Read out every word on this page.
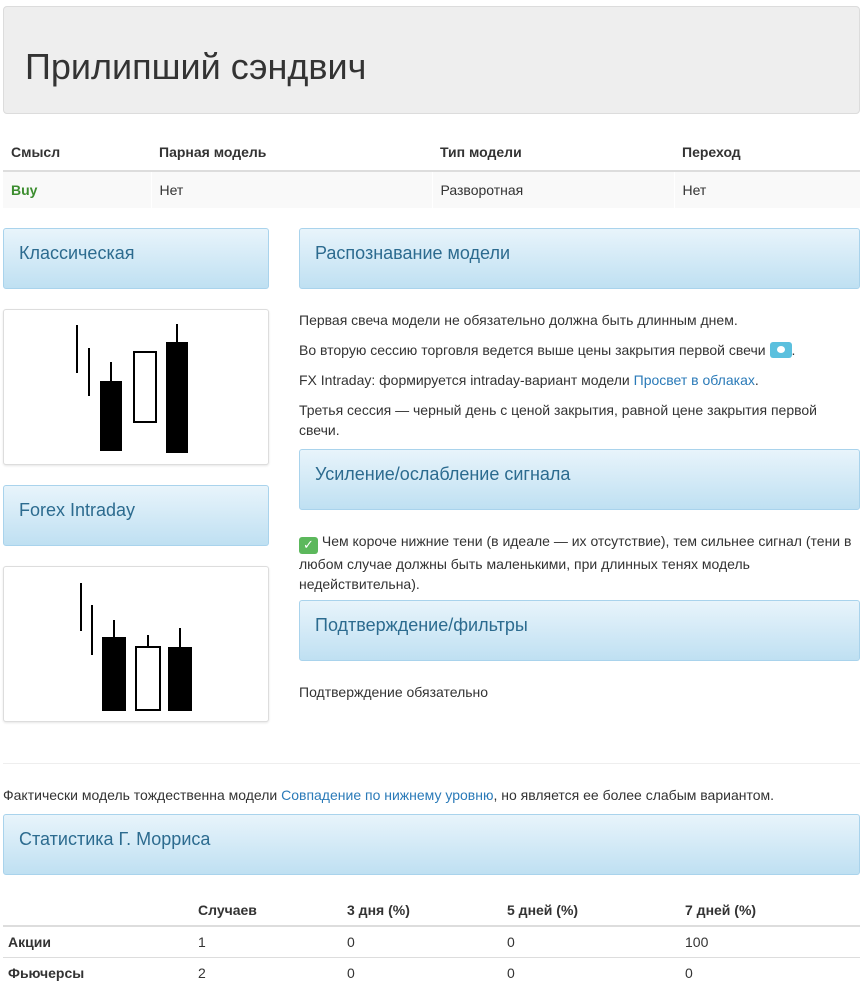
Прилипший сэндвич
Смысл	Парная модель	Тип модели	Переход
Buy	Нет	Разворотная	Нет
Классическая
Forex Intraday
Распознавание модели
Первая свеча модели не обязательно должна быть длинным днем.
Во вторую сессию торговля ведется выше цены закрытия первой свечи .
FX Intraday: формируется intraday-вариант модели Просвет в облаках.
Третья сессия — черный день с ценой закрытия, равной цене закрытия первой свечи.
Усиление/ослабление сигнала
✓ Чем короче нижние тени (в идеале — их отсутствие), тем сильнее сигнал (тени в любом случае должны быть маленькими, при длинных тенях модель недействительна).
Подтверждение/фильтры
Подтверждение обязательно
Фактически модель тождественна модели Совпадение по нижнему уровню, но является ее более слабым вариантом.
Статистика Г. Морриса
	Случаев	3 дня (%)	5 дней (%)	7 дней (%)
Акции	1	0	0	100
Фьючерсы	2	0	0	0
